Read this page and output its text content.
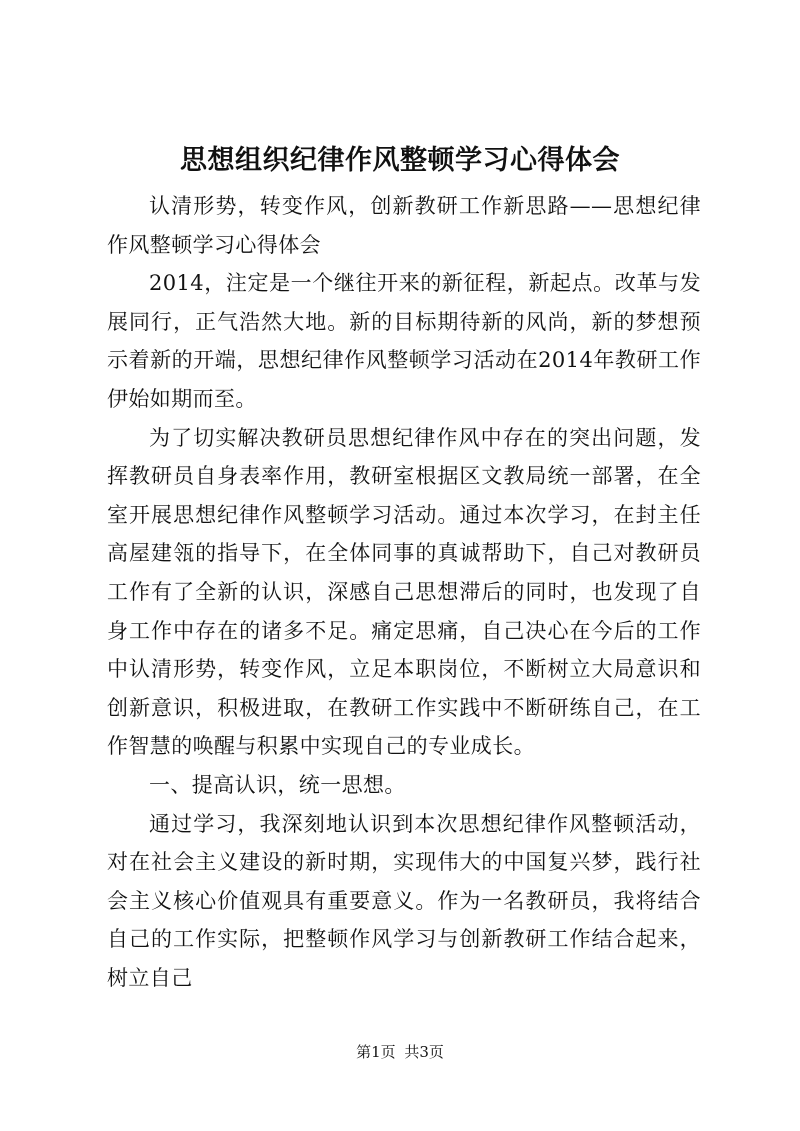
思想组织纪律作风整顿学习心得体会

认清形势，转变作风，创新教研工作新思路——思想纪律作风整顿学习心得体会

2014，注定是一个继往开来的新征程，新起点。改革与发展同行，正气浩然大地。新的目标期待新的风尚，新的梦想预示着新的开端，思想纪律作风整顿学习活动在2014年教研工作伊始如期而至。

为了切实解决教研员思想纪律作风中存在的突出问题，发挥教研员自身表率作用，教研室根据区文教局统一部署，在全室开展思想纪律作风整顿学习活动。通过本次学习，在封主任高屋建瓴的指导下，在全体同事的真诚帮助下，自己对教研员工作有了全新的认识，深感自己思想滞后的同时，也发现了自身工作中存在的诸多不足。痛定思痛，自己决心在今后的工作中认清形势，转变作风，立足本职岗位，不断树立大局意识和创新意识，积极进取，在教研工作实践中不断研练自己，在工作智慧的唤醒与积累中实现自己的专业成长。

一、提高认识，统一思想。

通过学习，我深刻地认识到本次思想纪律作风整顿活动，对在社会主义建设的新时期，实现伟大的中国复兴梦，践行社会主义核心价值观具有重要意义。作为一名教研员，我将结合自己的工作实际，把整顿作风学习与创新教研工作结合起来，树立自己

第1页 共3页
